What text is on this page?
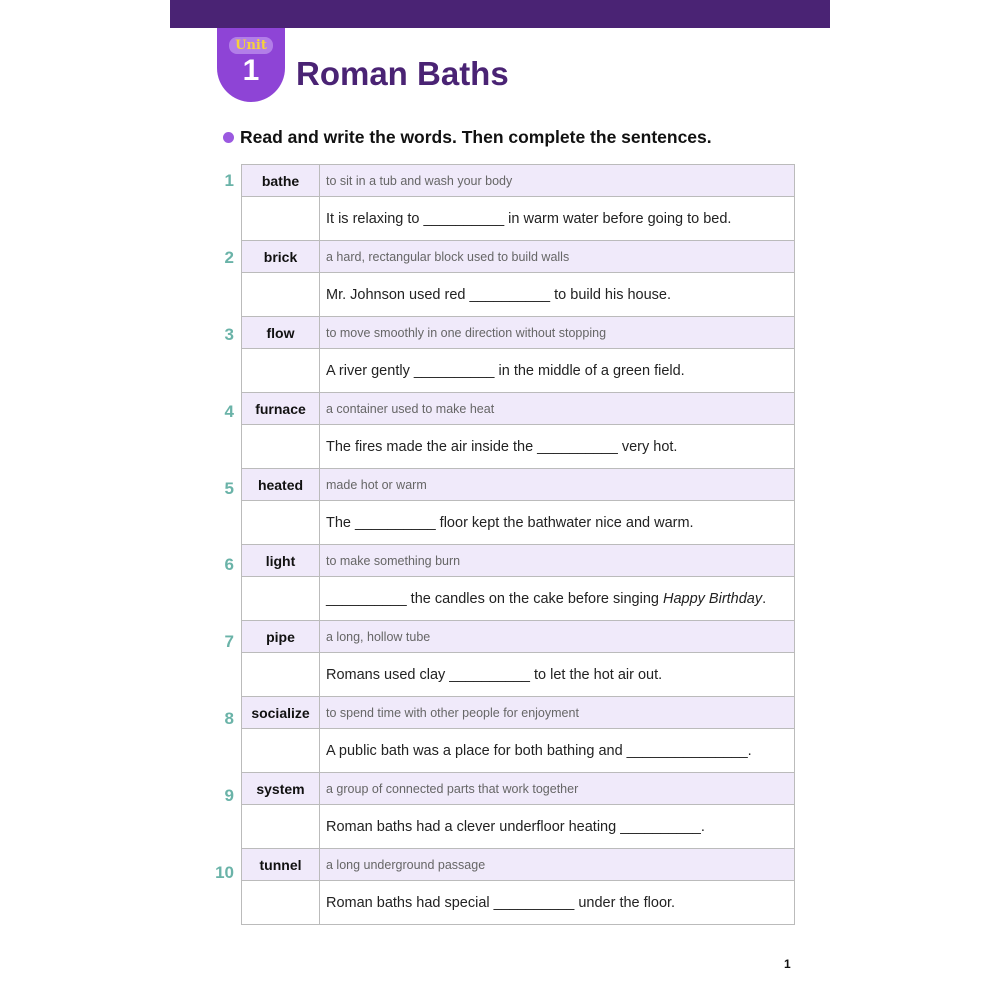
Unit
1	Roman Baths
Read and write the words. Then complete the sentences.
1
2
3
4
5
6
7
8
9
10
bathe	to sit in a tub and wash your body
	It is relaxing to __________ in warm water before going to bed.
brick	a hard, rectangular block used to build walls
	Mr. Johnson used red __________ to build his house.
flow	to move smoothly in one direction without stopping
	A river gently __________ in the middle of a green field.
furnace	a container used to make heat
	The fires made the air inside the __________ very hot.
heated	made hot or warm
	The __________ floor kept the bathwater nice and warm.
light	to make something burn
	__________ the candles on the cake before singing Happy Birthday.
pipe	a long, hollow tube
	Romans used clay __________ to let the hot air out.
socialize	to spend time with other people for enjoyment
	A public bath was a place for both bathing and _______________.
system	a group of connected parts that work together
	Roman baths had a clever underfloor heating __________.
tunnel	a long underground passage
	Roman baths had special __________ under the floor.
1
